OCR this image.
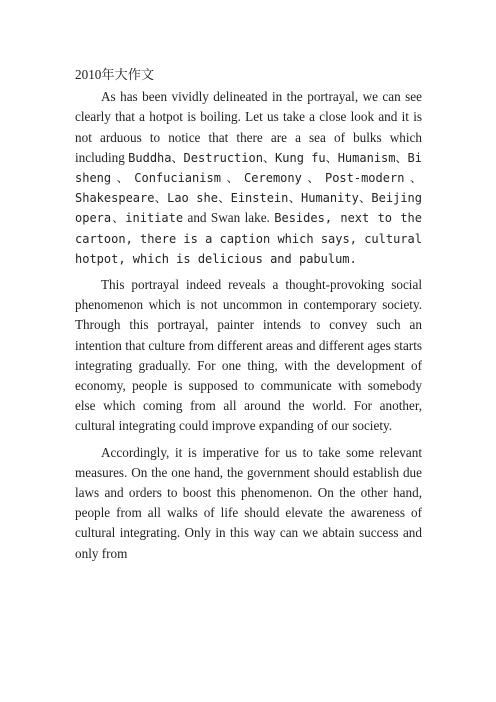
2010年大作文

As has been vividly delineated in the portrayal, we can see clearly that a hotpot is boiling. Let us take a close look and it is not arduous to notice that there are a sea of bulks which including Buddha、Destruction、Kung fu、Humanism、Bi sheng、Confucianism、Ceremony、Post-modern、Shakespeare、Lao she、Einstein、Humanity、Beijing opera、initiate and Swan lake. Besides, next to the cartoon, there is a caption which says, cultural hotpot, which is delicious and pabulum.

This portrayal indeed reveals a thought-provoking social phenomenon which is not uncommon in contemporary society. Through this portrayal, painter intends to convey such an intention that culture from different areas and different ages starts integrating gradually. For one thing, with the development of economy, people is supposed to communicate with somebody else which coming from all around the world. For another, cultural integrating could improve expanding of our society.

Accordingly, it is imperative for us to take some relevant measures. On the one hand, the government should establish due laws and orders to boost this phenomenon. On the other hand, people from all walks of life should elevate the awareness of cultural integrating. Only in this way can we abtain success and only from
